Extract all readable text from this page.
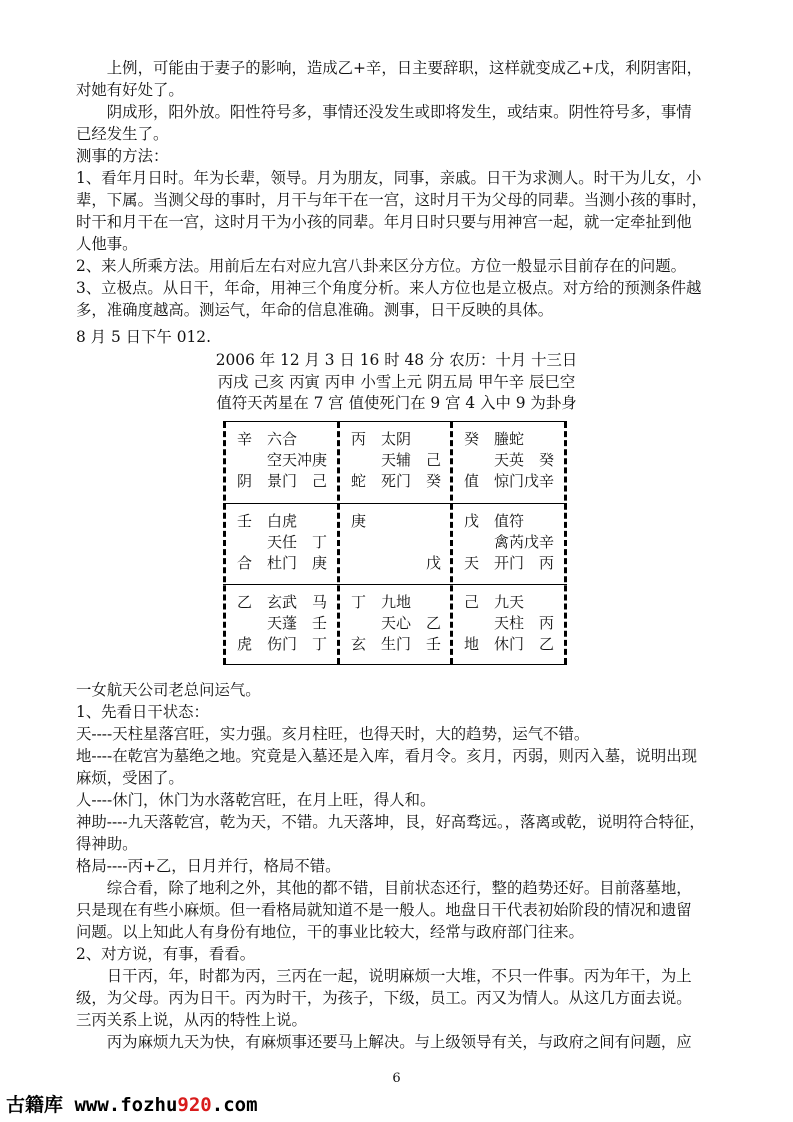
　　上例，可能由于妻子的影响，造成乙+辛，日主要辞职，这样就变成乙+戊，利阴害阳，
对她有好处了。
　　阴成形，阳外放。阳性符号多，事情还没发生或即将发生，或结束。阴性符号多，事情
已经发生了。
测事的方法：
1、看年月日时。年为长辈，领导。月为朋友，同事，亲戚。日干为求测人。时干为儿女，小
辈，下属。当测父母的事时，月干与年干在一宫，这时月干为父母的同辈。当测小孩的事时，
时干和月干在一宫，这时月干为小孩的同辈。年月日时只要与用神宫一起，就一定牵扯到他
人他事。
2、来人所乘方法。用前后左右对应九宫八卦来区分方位。方位一般显示目前存在的问题。
3、立极点。从日干，年命，用神三个角度分析。来人方位也是立极点。对方给的预测条件越
多，准确度越高。测运气，年命的信息准确。测事，日干反映的具体。
8 月 5 日下午 012.
2006 年 12 月 3 日 16 时 48 分 农历：十月 十三日
丙戌 己亥 丙寅 丙申 小雪上元 阴五局 甲午辛 辰巳空
值符天芮星在 7 宫 值使死门在 9 宫 4 入中 9 为卦身
辛 六合
空天冲 庚
阴 景门 己
丙 太阴
天辅 己
蛇 死门 癸
癸 螣蛇
天英 癸
值 惊门戊辛
壬 白虎
天任 丁
合 杜门 庚
庚
戊
戊 值符
禽芮戊辛
天 开门 丙
乙 玄武 马
天蓬 壬
虎 伤门 丁
丁 九地
天心 乙
玄 生门 壬
己 九天
天柱 丙
地 休门 乙
一女航天公司老总问运气。
1、先看日干状态：
天----天柱星落宫旺，实力强。亥月柱旺，也得天时，大的趋势，运气不错。
地----在乾宫为墓绝之地。究竟是入墓还是入库，看月令。亥月，丙弱，则丙入墓，说明出现
麻烦，受困了。
人----休门，休门为水落乾宫旺，在月上旺，得人和。
神助----九天落乾宫，乾为天，不错。九天落坤，艮，好高骛远。，落离或乾，说明符合特征，
得神助。
格局----丙+乙，日月并行，格局不错。
　　综合看，除了地利之外，其他的都不错，目前状态还行，整的趋势还好。目前落墓地，
只是现在有些小麻烦。但一看格局就知道不是一般人。地盘日干代表初始阶段的情况和遗留
问题。以上知此人有身份有地位，干的事业比较大，经常与政府部门往来。
2、对方说，有事，看看。
　　日干丙，年，时都为丙，三丙在一起，说明麻烦一大堆，不只一件事。丙为年干，为上
级，为父母。丙为日干。丙为时干，为孩子，下级，员工。丙又为情人。从这几方面去说。
三丙关系上说，从丙的特性上说。
　　丙为麻烦九天为快，有麻烦事还要马上解决。与上级领导有关，与政府之间有问题，应
6
古籍库 www.fozhu920.com
